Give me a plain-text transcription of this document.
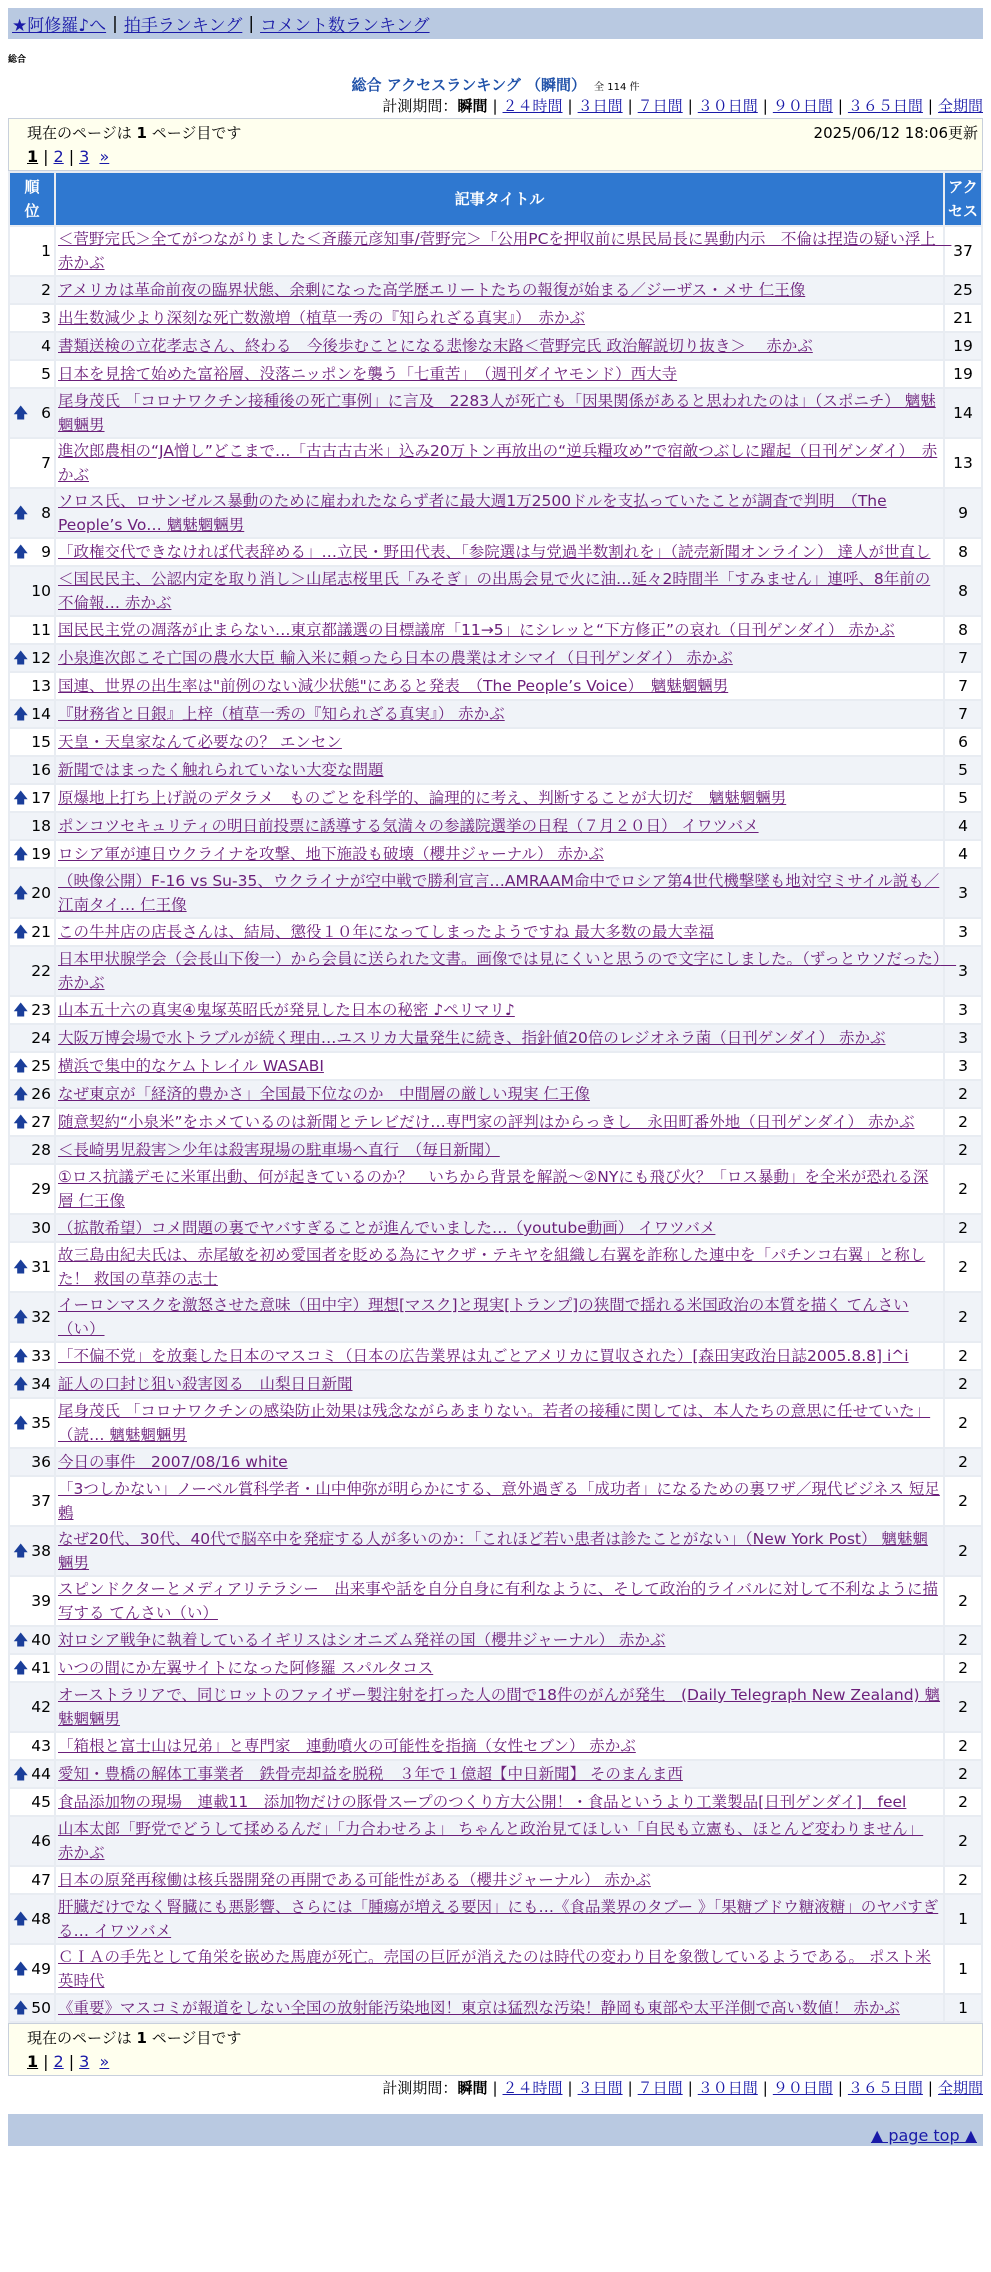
★阿修羅♪へ | 拍手ランキング | コメント数ランキング
総合
総合 アクセスランキング （瞬間） 全 114 件
計測期間：瞬間 | ２４時間 | ３日間 | ７日間 | ３０日間 | ９０日間 | ３６５日間 | 全期間
現在のページは 1 ページ目です	2025/06/12 18:06更新
1 | 2 | 3 »
順位	記事タイトル	アクセス
1	＜菅野完氏＞全てがつながりました＜斉藤元彦知事/菅野完＞「公用PCを押収前に県民局長に異動内示　不倫は捏造の疑い浮上　赤かぶ	37
2	アメリカは革命前夜の臨界状態、余剰になった高学歴エリートたちの報復が始まる／ジーザス・メサ 仁王像	25
3	出生数減少より深刻な死亡数激増（植草一秀の『知られざる真実』）　赤かぶ	21
4	書類送検の立花孝志さん、終わる　今後歩むことになる悲惨な末路＜菅野完氏 政治解説切り抜き＞　 赤かぶ	19
5	日本を見捨て始めた富裕層、没落ニッポンを襲う「七重苦」　（週刊ダイヤモンド）西大寺	19

🡅 6	尾身茂氏 「コロナワクチン接種後の死亡事例」に言及　2283人が死亡も「因果関係があると思われたのは」（スポニチ） 魑魅魍魎男	14
7	進次郎農相の“JA憎し”どこまで…「古古古古米」込み20万トン再放出の“逆兵糧攻め”で宿敵つぶしに躍起（日刊ゲンダイ）　赤かぶ	13

🡅 8	ソロス氏、ロサンゼルス暴動のために雇われたならず者に最大週1万2500ドルを支払っていたことが調査で判明　（The People’s Vo… 魑魅魍魎男	9

🡅 9	「政権交代できなければ代表辞める」…立民・野田代表、「参院選は与党過半数割れを」（読売新聞オンライン） 達人が世直し	8
10	＜国民民主、公認内定を取り消し＞山尾志桜里氏「みそぎ」の出馬会見で火に油…延々2時間半「すみません」連呼、8年前の不倫報… 赤かぶ	8
11	国民民主党の凋落が止まらない…東京都議選の目標議席「11→5」にシレッと“下方修正”の哀れ（日刊ゲンダイ） 赤かぶ	8

🡅 12	小泉進次郎こそ亡国の農水大臣 輸入米に頼ったら日本の農業はオシマイ（日刊ゲンダイ） 赤かぶ	7
13	国連、世界の出生率は"前例のない減少状態"にあると発表　（The People’s Voice）　魑魅魍魎男	7

🡅 14	『財務省と日銀』上梓（植草一秀の『知られざる真実』） 赤かぶ	7
15	天皇・天皇家なんて必要なの？ エンセン	6
16	新聞ではまったく触れられていない大変な問題	5

🡅 17	原爆地上打ち上げ説のデタラメ　ものごとを科学的、論理的に考え、判断することが大切だ　魑魅魍魎男	5
18	ポンコツセキュリティの明日前投票に誘導する気満々の参議院選挙の日程（７月２０日） イワツバメ	4

🡅 19	ロシア軍が連日ウクライナを攻撃、地下施設も破壊（櫻井ジャーナル） 赤かぶ	4

🡅 20	（映像公開）F-16 vs Su-35、ウクライナが空中戦で勝利宣言…AMRAAM命中でロシア第4世代機撃墜も地対空ミサイル説も／江南タイ… 仁王像	3

🡅 21	この牛丼店の店長さんは、結局、懲役１０年になってしまったようですね 最大多数の最大幸福	3
22	日本甲状腺学会（会長山下俊一）から会員に送られた文書。画像では見にくいと思うので文字にしました。（ずっとウソだった）　赤かぶ	3

🡅 23	山本五十六の真実④鬼塚英昭氏が発見した日本の秘密 ♪ペリマリ♪	3
24	大阪万博会場で水トラブルが続く理由…ユスリカ大量発生に続き、指針値20倍のレジオネラ菌（日刊ゲンダイ） 赤かぶ	3

🡅 25	横浜で集中的なケムトレイル WASABI	3

🡅 26	なぜ東京が「経済的豊かさ」全国最下位なのか　中間層の厳しい現実 仁王像	2

🡅 27	随意契約“小泉米”をホメているのは新聞とテレビだけ…専門家の評判はからっきし　永田町番外地（日刊ゲンダイ） 赤かぶ	2
28	＜長崎男児殺害＞少年は殺害現場の駐車場へ直行　（毎日新聞）	2
29	①ロス抗議デモに米軍出動、何が起きているのか？　いちから背景を解説～②NYにも飛び火？「ロス暴動」を全米が恐れる深層 仁王像	2
30	（拡散希望）コメ問題の裏でヤバすぎることが進んでいました…（youtube動画） イワツバメ	2

🡅 31	故三島由紀夫氏は、赤尾敏を初め愛国者を貶める為にヤクザ・テキヤを組織し右翼を詐称した連中を「パチンコ右翼」と称した！ 救国の草莽の志士	2

🡅 32	イーロンマスクを激怒させた意味（田中宇）理想[マスク]と現実[トランプ]の狭間で揺れる米国政治の本質を描く てんさい（い）	2

🡅 33	「不偏不党」を放棄した日本のマスコミ（日本の広告業界は丸ごとアメリカに買収された）[森田実政治日誌2005.8.8] i^i	2

🡅 34	証人の口封じ狙い殺害図る　山梨日日新聞	2

🡅 35	尾身茂氏 「コロナワクチンの感染防止効果は残念ながらあまりない。若者の接種に関しては、本人たちの意思に任せていた」（読… 魑魅魍魎男	2
36	今日の事件　2007/08/16 white	2
37	「3つしかない」ノーベル賞科学者・山中伸弥が明らかにする、意外過ぎる「成功者」になるための裏ワザ／現代ビジネス 短足鶫	2

🡅 38	なぜ20代、30代、40代で脳卒中を発症する人が多いのか：「これほど若い患者は診たことがない」（New York Post） 魑魅魍魎男	2
39	スピンドクターとメディアリテラシー　出来事や話を自分自身に有利なように、そして政治的ライバルに対して不利なように描写する てんさい（い）	2

🡅 40	対ロシア戦争に執着しているイギリスはシオニズム発祥の国（櫻井ジャーナル） 赤かぶ	2

🡅 41	いつの間にか左翼サイトになった阿修羅 スパルタコス	2
42	オーストラリアで、同じロットのファイザー製注射を打った人の間で18件のがんが発生　(Daily Telegraph New Zealand) 魑魅魍魎男	2
43	「箱根と富士山は兄弟」と専門家　連動噴火の可能性を指摘（女性セブン） 赤かぶ	2

🡅 44	愛知・豊橋の解体工事業者　鉄骨売却益を脱税　３年で１億超【中日新聞】 そのまんま西	2
45	食品添加物の現場　連載11　添加物だけの豚骨スープのつくり方大公開！・食品というより工業製品[日刊ゲンダイ]　feel	2
46	山本太郎「野党でどうして揉めるんだ」「力合わせろよ」 ちゃんと政治見てほしい「自民も立憲も、ほとんど変わりません」 赤かぶ	2
47	日本の原発再稼働は核兵器開発の再開である可能性がある（櫻井ジャーナル） 赤かぶ	2

🡅 48	肝臓だけでなく腎臓にも悪影響、さらには「腫瘍が増える要因」にも…《食品業界のタブー 》「果糖ブドウ糖液糖」のヤバすぎる… イワツバメ	1

🡅 49	ＣＩＡの手先として角栄を嵌めた馬鹿が死亡。売国の巨匠が消えたのは時代の変わり目を象徴しているようである。 ポスト米英時代	1

🡅 50	《重要》マスコミが報道をしない全国の放射能汚染地図！東京は猛烈な汚染！静岡も東部や太平洋側で高い数値！ 赤かぶ	1
現在のページは 1 ページ目です
1 | 2 | 3 »
計測期間：瞬間 | ２４時間 | ３日間 | ７日間 | ３０日間 | ９０日間 | ３６５日間 | 全期間
▲ page top ▲
